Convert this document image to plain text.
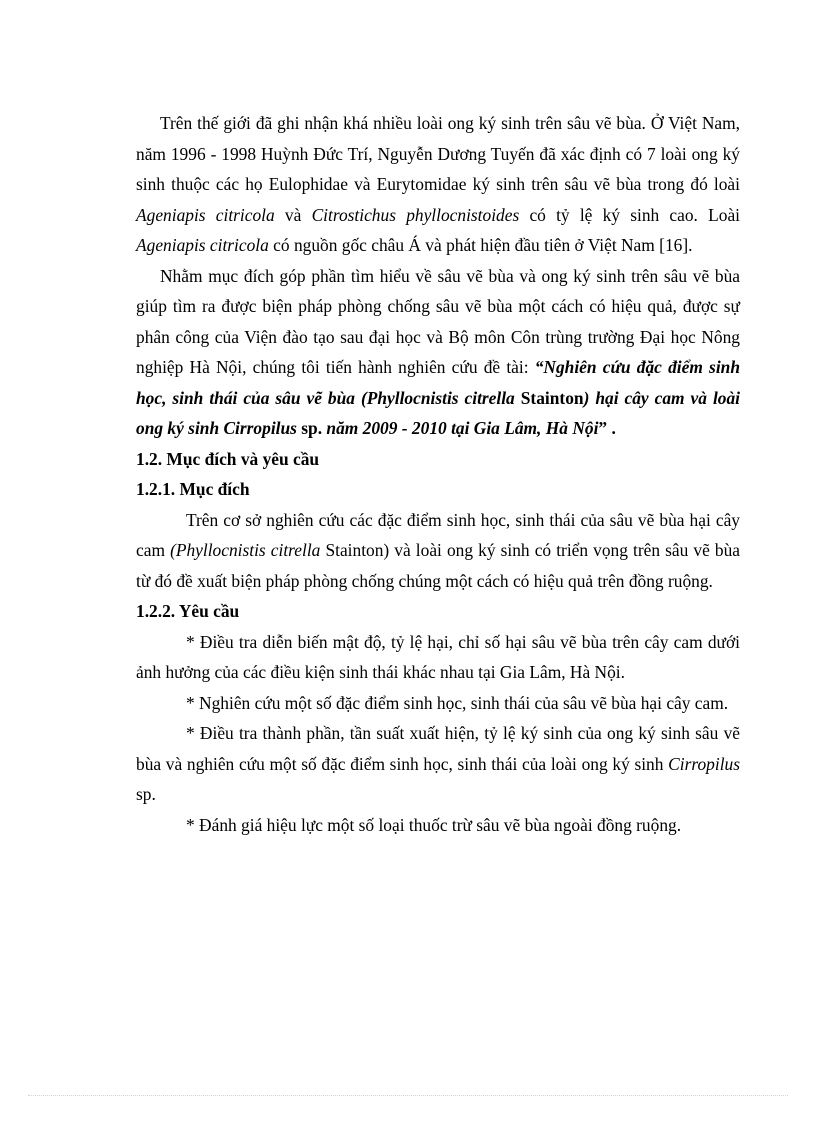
Trên thế giới đã ghi nhận khá nhiều loài ong ký sinh trên sâu vẽ bùa. Ở Việt Nam, năm 1996 - 1998 Huỳnh Đức Trí, Nguyễn Dương Tuyến đã xác định có 7 loài ong ký sinh thuộc các họ Eulophidae và Eurytomidae ký sinh trên sâu vẽ bùa trong đó loài Ageniapis citricola và Citrostichus phyllocnistoides có tỷ lệ ký sinh cao. Loài Ageniapis citricola có nguồn gốc châu Á và phát hiện đầu tiên ở Việt Nam [16].

Nhằm mục đích góp phần tìm hiểu về sâu vẽ bùa và ong ký sinh trên sâu vẽ bùa giúp tìm ra được biện pháp phòng chống sâu vẽ bùa một cách có hiệu quả, được sự phân công của Viện đào tạo sau đại học và Bộ môn Côn trùng trường Đại học Nông nghiệp Hà Nội, chúng tôi tiến hành nghiên cứu đề tài: “Nghiên cứu đặc điểm sinh học, sinh thái của sâu vẽ bùa (Phyllocnistis citrella Stainton) hại cây cam và loài ong ký sinh Cirropilus sp. năm 2009 - 2010 tại Gia Lâm, Hà Nội” .

1.2. Mục đích và yêu cầu

1.2.1. Mục đích

Trên cơ sở nghiên cứu các đặc điểm sinh học, sinh thái của sâu vẽ bùa hại cây cam (Phyllocnistis citrella Stainton) và loài ong ký sinh có triển vọng trên sâu vẽ bùa từ đó đề xuất biện pháp phòng chống chúng một cách có hiệu quả trên đồng ruộng.

1.2.2. Yêu cầu

* Điều tra diễn biến mật độ, tỷ lệ hại, chỉ số hại sâu vẽ bùa trên cây cam dưới ảnh hưởng của các điều kiện sinh thái khác nhau tại Gia Lâm, Hà Nội.

* Nghiên cứu một số đặc điểm sinh học, sinh thái của sâu vẽ bùa hại cây cam.

* Điều tra thành phần, tần suất xuất hiện, tỷ lệ ký sinh của ong ký sinh sâu vẽ bùa và nghiên cứu một số đặc điểm sinh học, sinh thái của loài ong ký sinh Cirropilus sp.

* Đánh giá hiệu lực một số loại thuốc trừ sâu vẽ bùa ngoài đồng ruộng.
